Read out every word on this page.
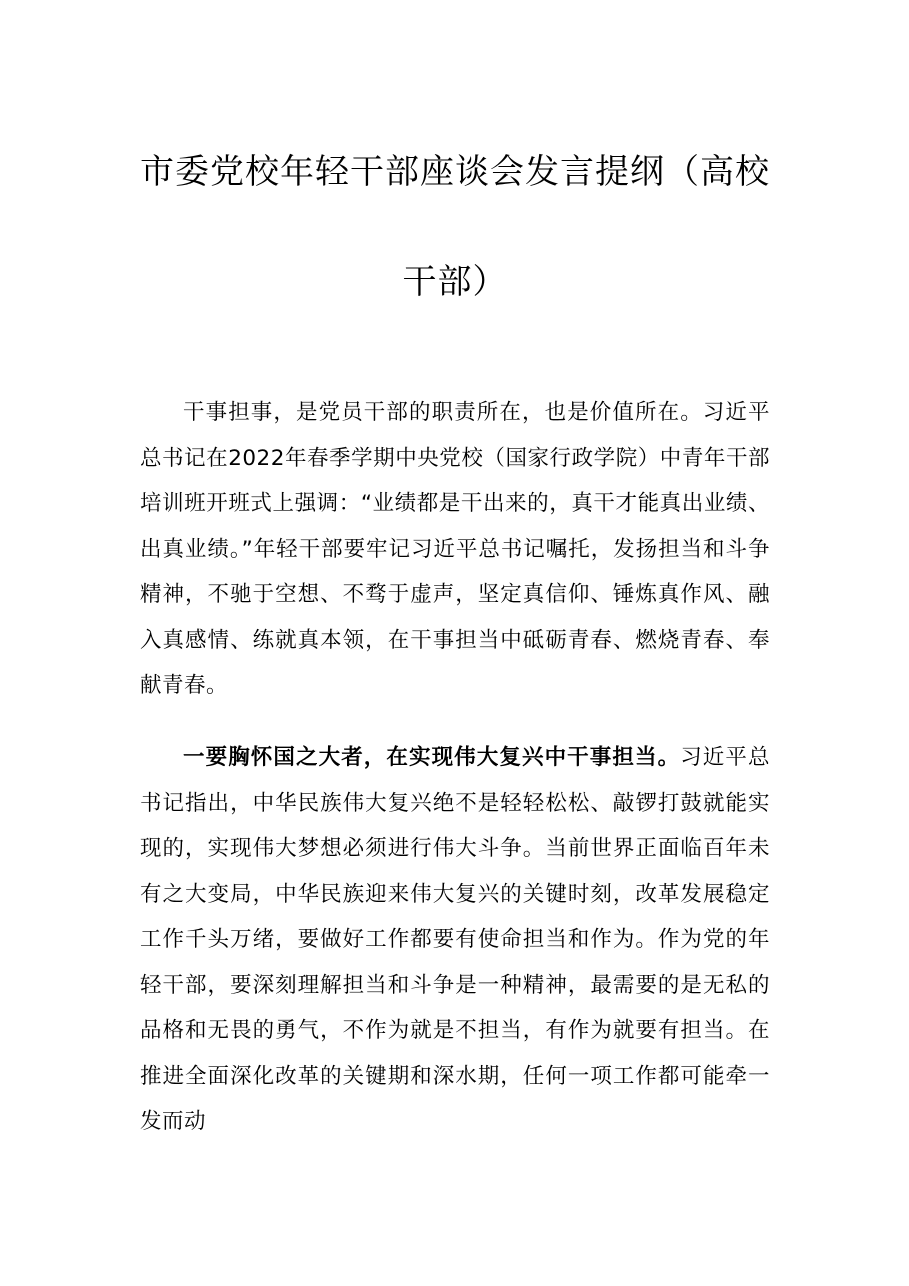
市委党校年轻干部座谈会发言提纲（高校
干部）

干事担事，是党员干部的职责所在，也是价值所在。习近平总书记在2022年春季学期中央党校（国家行政学院）中青年干部培训班开班式上强调：“业绩都是干出来的，真干才能真出业绩、出真业绩。”年轻干部要牢记习近平总书记嘱托，发扬担当和斗争精神，不驰于空想、不骛于虚声，坚定真信仰、锤炼真作风、融入真感情、练就真本领，在干事担当中砥砺青春、燃烧青春、奉献青春。

一要胸怀国之大者，在实现伟大复兴中干事担当。习近平总书记指出，中华民族伟大复兴绝不是轻轻松松、敲锣打鼓就能实现的，实现伟大梦想必须进行伟大斗争。当前世界正面临百年未有之大变局，中华民族迎来伟大复兴的关键时刻，改革发展稳定工作千头万绪，要做好工作都要有使命担当和作为。作为党的年轻干部，要深刻理解担当和斗争是一种精神，最需要的是无私的品格和无畏的勇气，不作为就是不担当，有作为就要有担当。在推进全面深化改革的关键期和深水期，任何一项工作都可能牵一发而动
